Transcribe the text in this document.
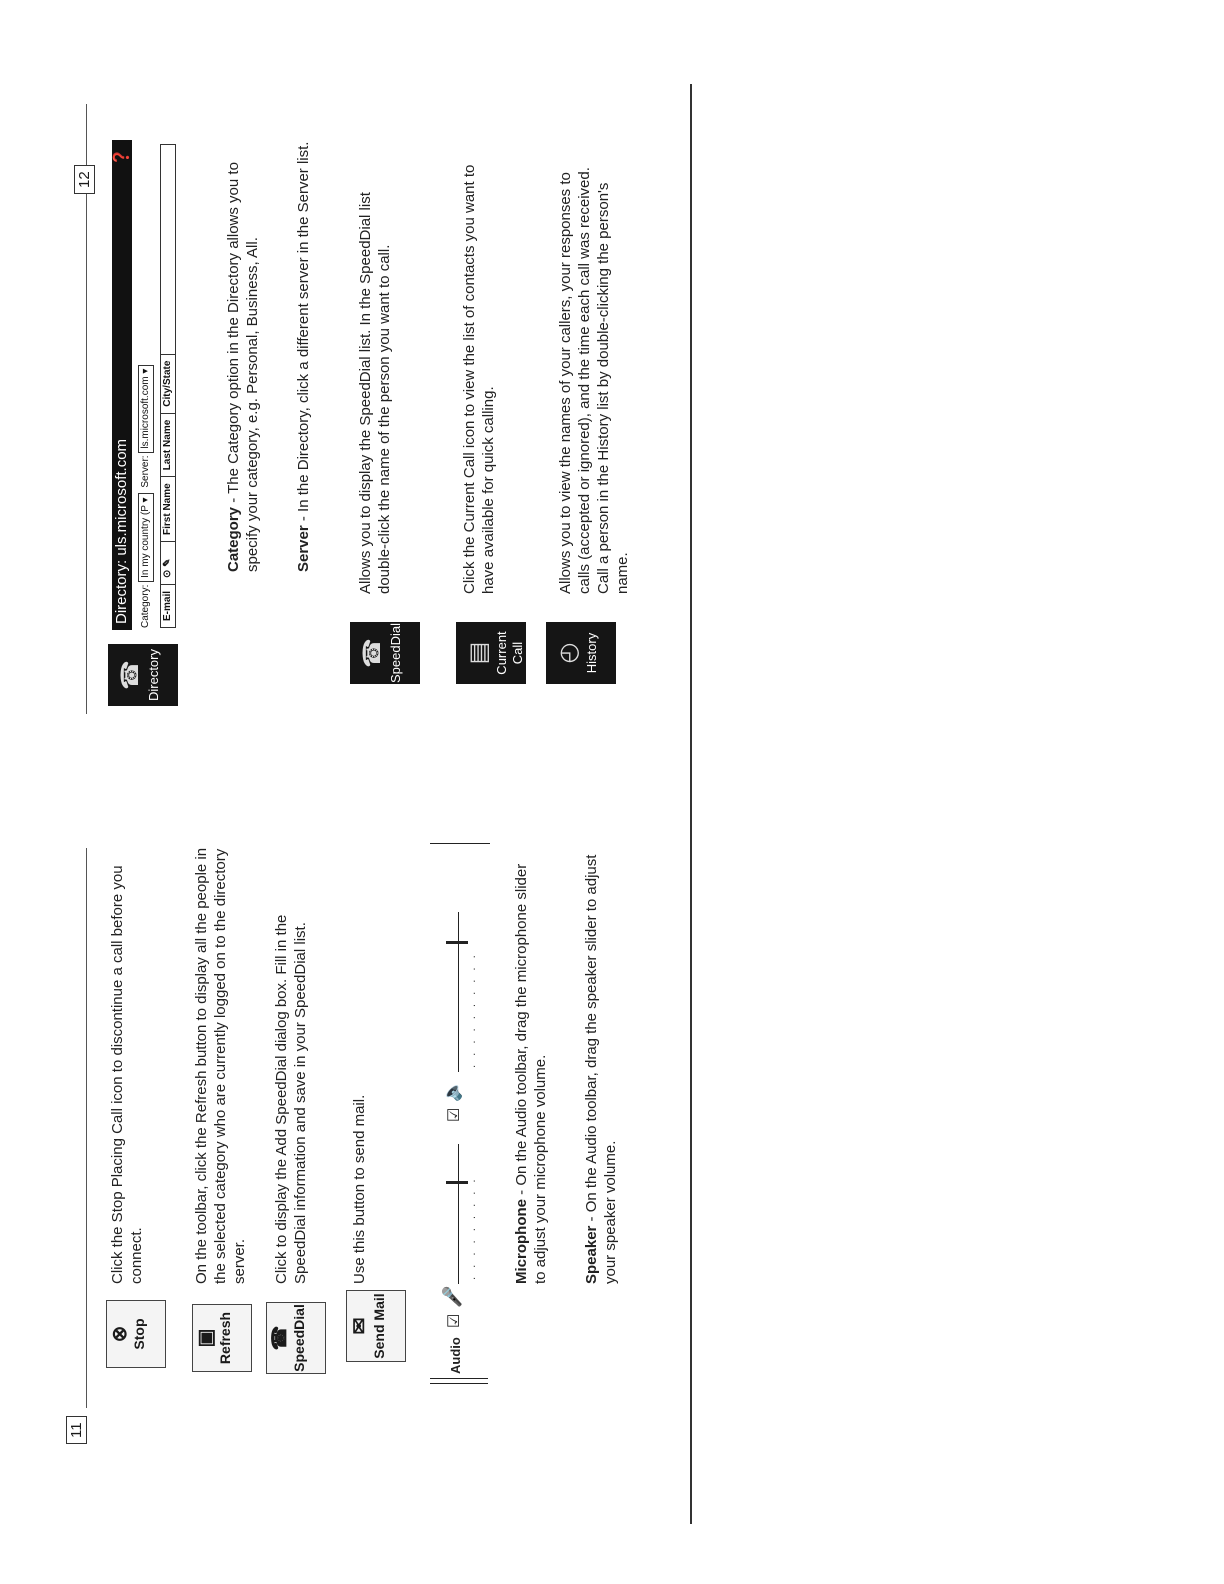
11
⊗ Stop ▣ Refresh ☎ SpeedDial ✉ Send Mail
Click the Stop Placing Call icon to discontinue a call before you connect.	On the toolbar, click the Refresh button to display all the people in the selected category who are currently logged on to the directory server. Click to display the Add SpeedDial dialog box. Fill in the SpeedDial information and save in your SpeedDial list.	Use this button to send mail.
Audio
☑
🎤
‧‧‧‧‧‧‧‧‧
☑
🔈
‧‧‧‧‧‧‧‧‧‧
Microphone - On the Audio toolbar, drag the microphone slider to adjust your microphone volume. Speaker - On the Audio toolbar, drag the speaker slider to adjust your speaker volume.
12
☎ Directory
Directory: uls.microsoft.com
❓
Category: In my country (P ▾ Server: ls.microsoft.com ▾
E-mail⊙ ✎First NameLast NameCity/State
Category - The Category option in the Directory allows you to specify your category, e.g. Personal, Business, All. Server - In the Directory, click a different server in the Server list.
☎ SpeedDial
Allows you to display the SpeedDial list. In the SpeedDial list double-click the name of the person you want to call.
▤ Current Call
Click the Current Call icon to view the list of contacts you want to have available for quick calling.
◴ History
Allows you to view the names of your callers, your responses to calls (accepted or ignored), and the time each call was received. Call a person in the History list by double-clicking the person's name.
